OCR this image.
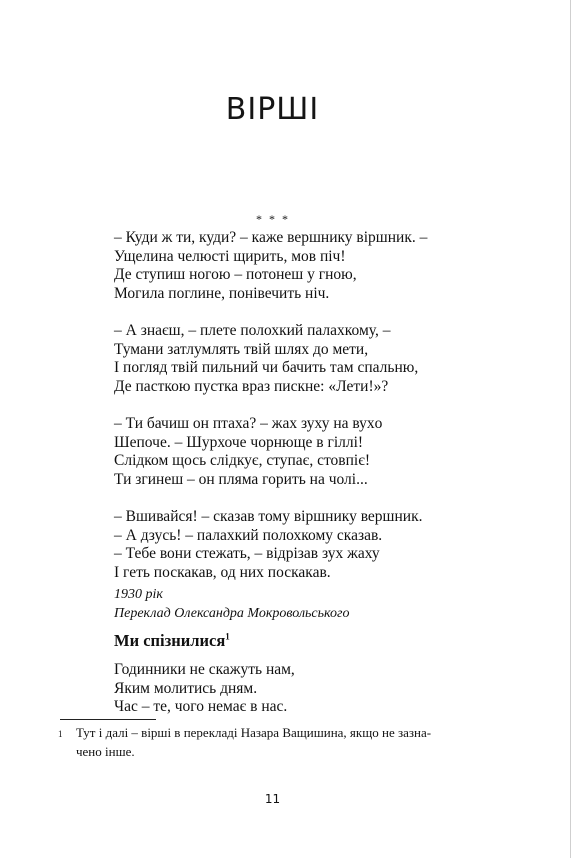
ВІРШІ
* * *
– Куди ж ти, куди? – каже вершнику віршник. –
Ущелина челюсті щирить, мов піч!
Де ступиш ногою – потонеш у гною,
Могила поглине, понівечить ніч.
– А знаєш, – плете полохкий палахкому, –
Тумани затлумлять твій шлях до мети,
І погляд твій пильний чи бачить там спальню,
Де пасткою пустка враз пискне: «Лети!»?
– Ти бачиш он птаха? – жах зуху на вуxо
Шепоче. – Шурхоче чорнюще в гіллі!
Слідком щось слідкує, ступає, стовпіє!
Ти згинеш – он пляма горить на чолі...
– Вшивайся! – сказав тому віршнику вершник.
– А дзусь! – палахкий полохкому сказав.
– Тебе вони стежать, – відрізав зух жаху
І геть поскакав, од них поскакав.
1930 рік
Переклад Олександра Мокровольського
Ми спізнилися$^1$
Годинники не скажуть нам,
Яким молитись дням.
Час – те, чого немає в нас.
1 Тут і далі – вірші в перекладі Назара Ващишина, якщо не зазна-
чено інше.
11
